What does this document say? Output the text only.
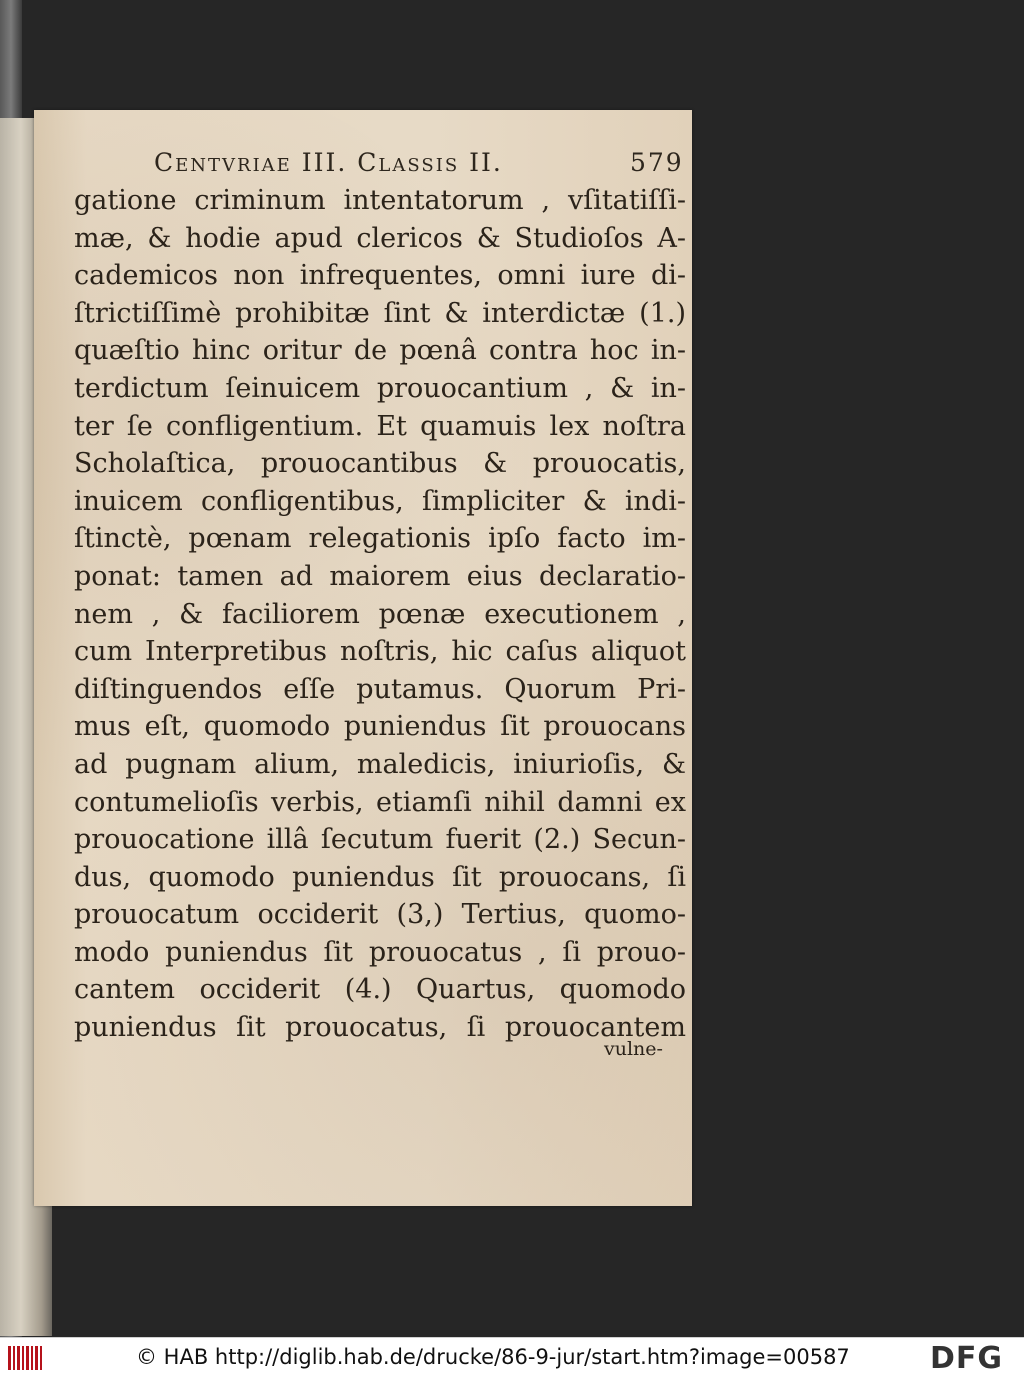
Centvriae III. Classis II.	579
gatione criminum intentatorum , vſitatiſſi-
mæ, & hodie apud clericos & Studioſos A-
cademicos non infrequentes, omni iure di-
ſtrictiſſimè prohibitæ ſint & interdictæ (1.)
quæſtio hinc oritur de pœnâ contra hoc in-
terdictum ſeinuicem prouocantium , & in-
ter ſe confligentium. Et quamuis lex noſtra
Scholaſtica, prouocantibus & prouocatis,
inuicem confligentibus, ſimpliciter & indi-
ſtinctè, pœnam relegationis ipſo facto im-
ponat: tamen ad maiorem eius declaratio-
nem , & faciliorem pœnæ executionem ,
cum Interpretibus noſtris, hic caſus aliquot
diſtinguendos eſſe putamus. Quorum Pri-
mus eſt, quomodo puniendus ſit prouocans
ad pugnam alium, maledicis, iniurioſis, &
contumelioſis verbis, etiamſi nihil damni ex
prouocatione illâ ſecutum fuerit (2.) Secun-
dus, quomodo puniendus ſit prouocans, ſi
prouocatum occiderit (3,) Tertius, quomo-
modo puniendus ſit prouocatus , ſi prouo-
cantem occiderit (4.) Quartus, quomodo
puniendus ſit prouocatus, ſi prouocantem
vulne-
© HAB http://diglib.hab.de/drucke/86-9-jur/start.htm?image=00587	DFG
